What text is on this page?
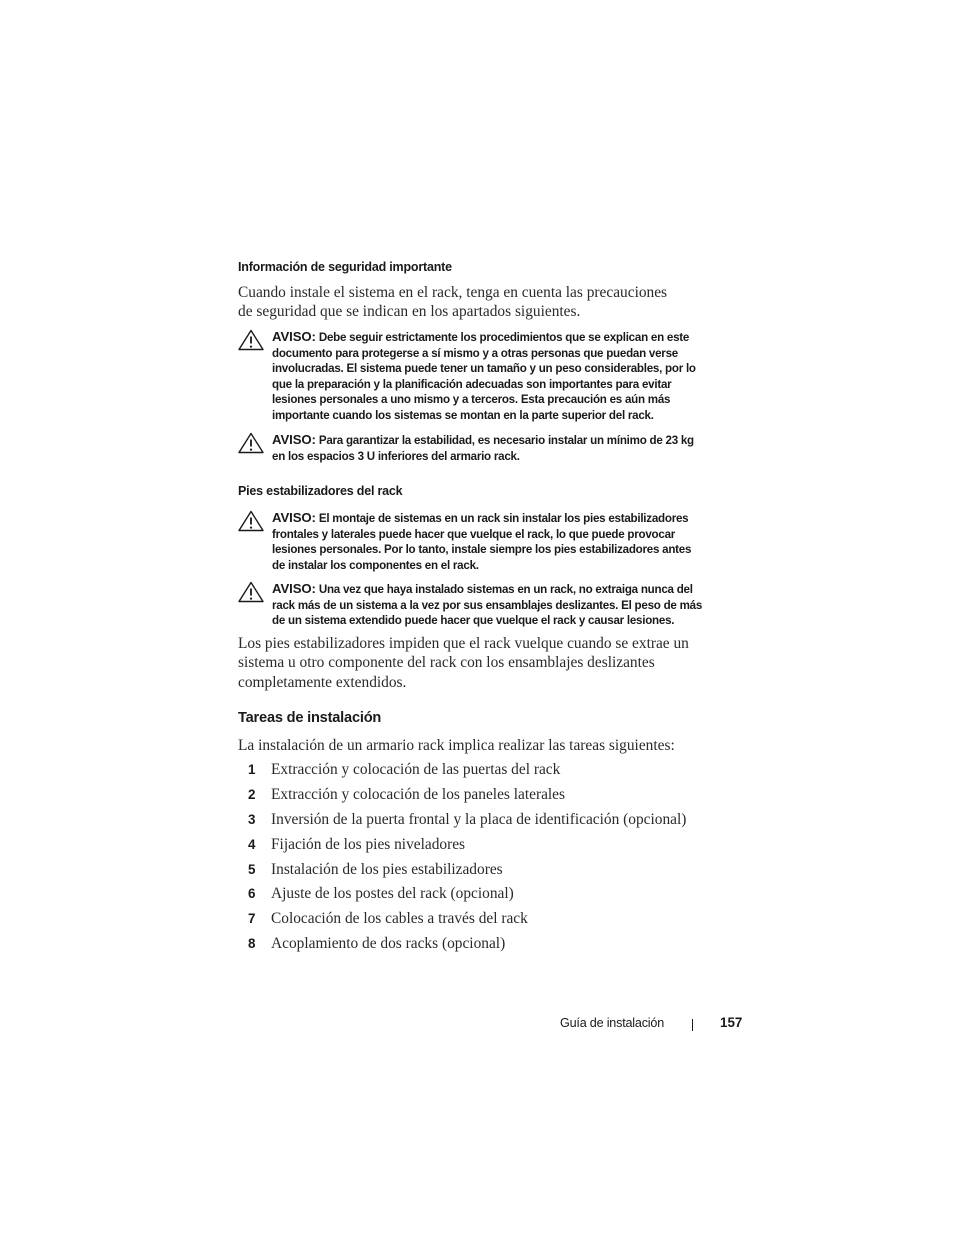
Información de seguridad importante
Cuando instale el sistema en el rack, tenga en cuenta las precauciones
de seguridad que se indican en los apartados siguientes.
AVISO: Debe seguir estrictamente los procedimientos que se explican en este
documento para protegerse a sí mismo y a otras personas que puedan verse
involucradas. El sistema puede tener un tamaño y un peso considerables, por lo
que la preparación y la planificación adecuadas son importantes para evitar
lesiones personales a uno mismo y a terceros. Esta precaución es aún más
importante cuando los sistemas se montan en la parte superior del rack.
AVISO: Para garantizar la estabilidad, es necesario instalar un mínimo de 23 kg
en los espacios 3 U inferiores del armario rack.
Pies estabilizadores del rack
AVISO: El montaje de sistemas en un rack sin instalar los pies estabilizadores
frontales y laterales puede hacer que vuelque el rack, lo que puede provocar
lesiones personales. Por lo tanto, instale siempre los pies estabilizadores antes
de instalar los componentes en el rack.
AVISO: Una vez que haya instalado sistemas en un rack, no extraiga nunca del
rack más de un sistema a la vez por sus ensamblajes deslizantes. El peso de más
de un sistema extendido puede hacer que vuelque el rack y causar lesiones.
Los pies estabilizadores impiden que el rack vuelque cuando se extrae un
sistema u otro componente del rack con los ensamblajes deslizantes
completamente extendidos.
Tareas de instalación
La instalación de un armario rack implica realizar las tareas siguientes:
1 Extracción y colocación de las puertas del rack
2 Extracción y colocación de los paneles laterales
3 Inversión de la puerta frontal y la placa de identificación (opcional)
4 Fijación de los pies niveladores
5 Instalación de los pies estabilizadores
6 Ajuste de los postes del rack (opcional)
7 Colocación de los cables a través del rack
8 Acoplamiento de dos racks (opcional)
Guía de instalación	157
